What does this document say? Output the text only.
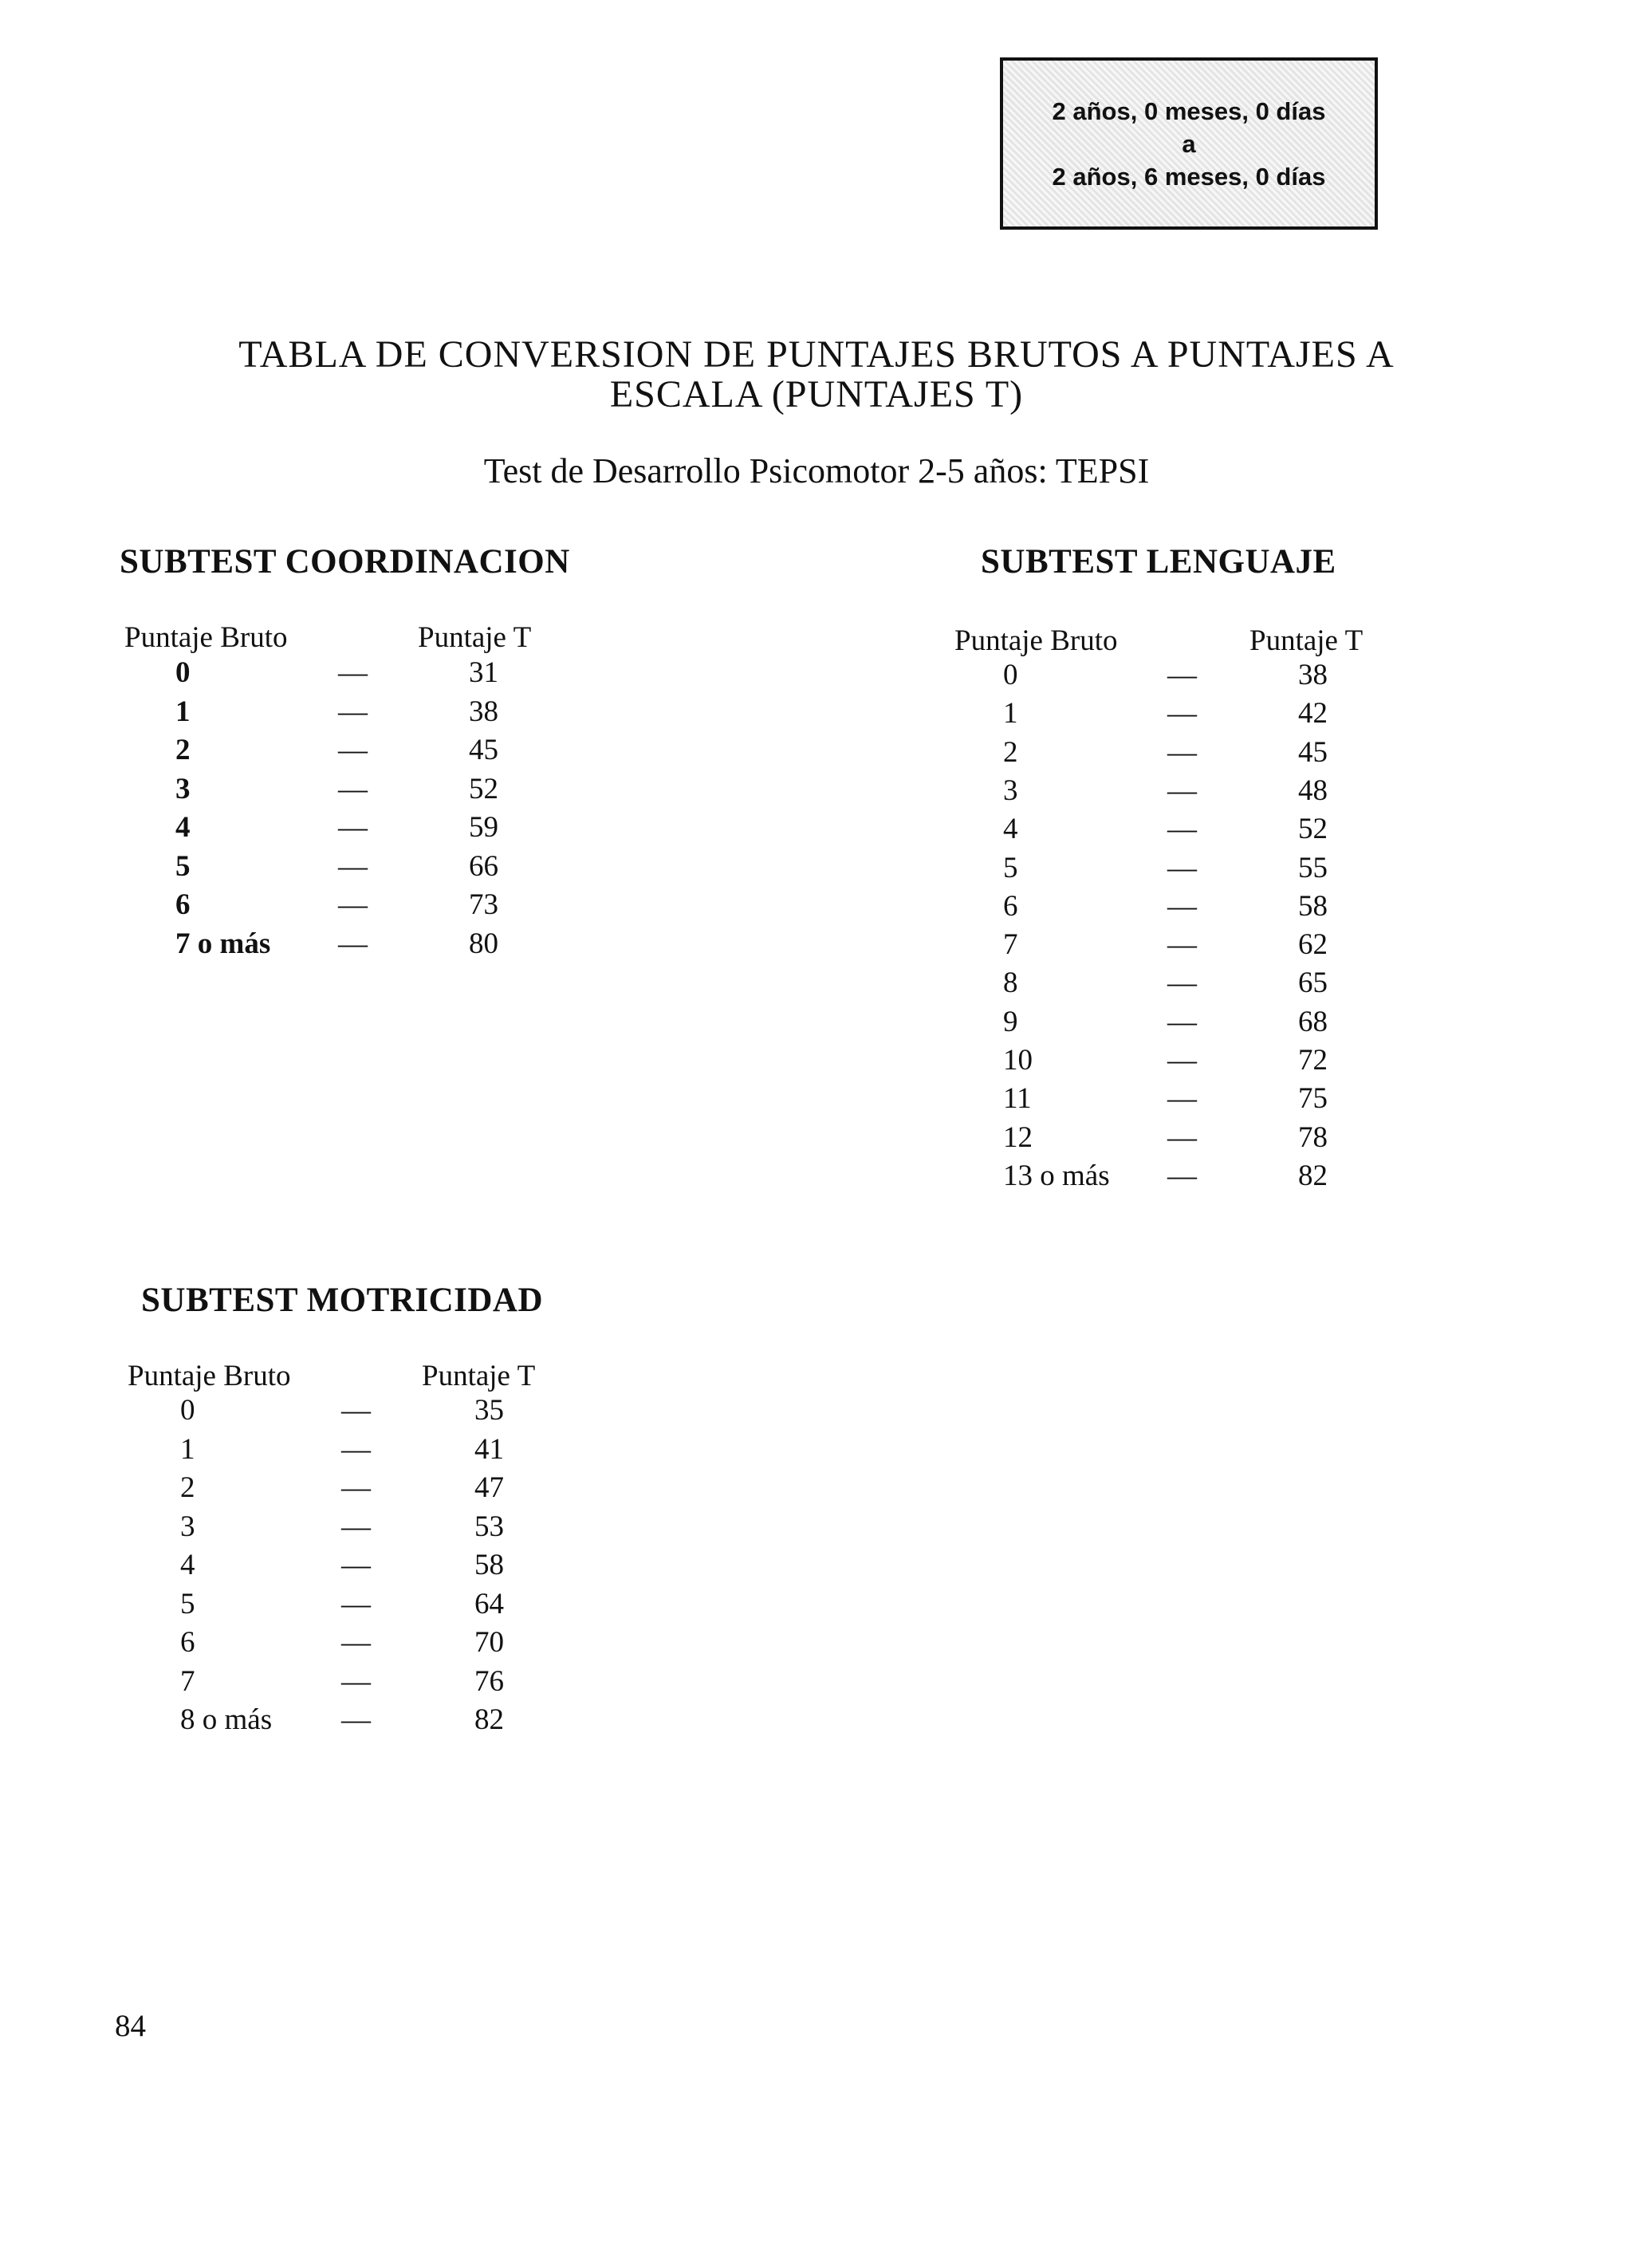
2 años, 0 meses, 0 días
a
2 años, 6 meses, 0 días
TABLA DE CONVERSION DE PUNTAJES BRUTOS A PUNTAJES A
ESCALA (PUNTAJES T)
Test de Desarrollo Psicomotor 2-5 años: TEPSI
SUBTEST COORDINACION
Puntaje Bruto	Puntaje T
0	—	31
1	—	38
2	—	45
3	—	52
4	—	59
5	—	66
6	—	73
7 o más —	80
SUBTEST LENGUAJE
Puntaje Bruto	Puntaje T
0	—	38
1	—	42
2	—	45
3	—	48
4	—	52
5	—	55
6	—	58
7	—	62
8	—	65
9	—	68
10	—	72
11	—	75
12	—	78
13 o más —	82
SUBTEST MOTRICIDAD
Puntaje Bruto	Puntaje T
0	—	35
1	—	41
2	—	47
3	—	53
4	—	58
5	—	64
6	—	70
7	—	76
8 o más —	82
84
